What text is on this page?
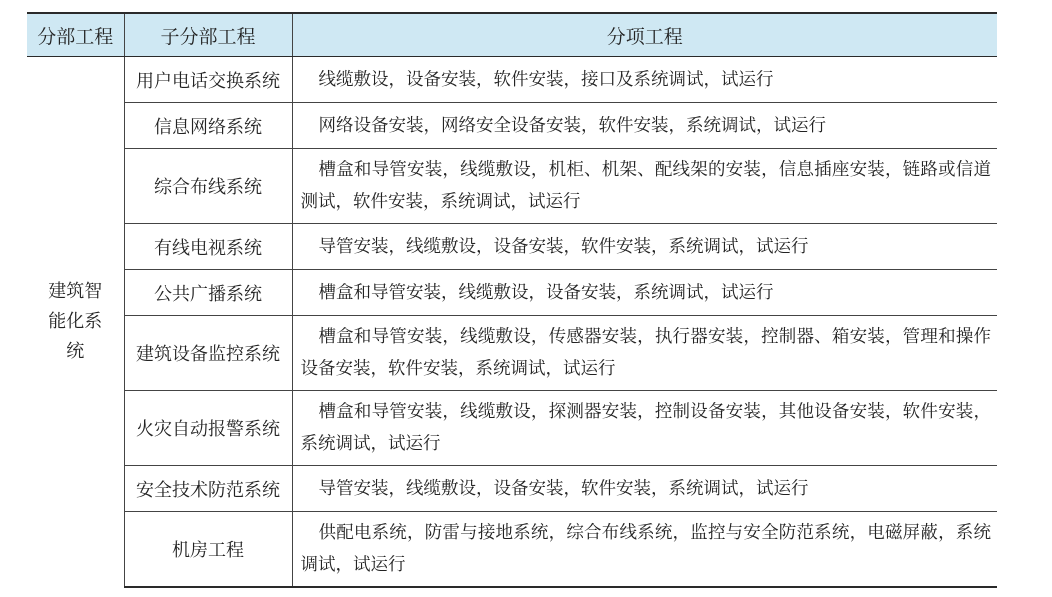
分部工程	子分部工程	分项工程
建筑智能化系统	用户电话交换系统	线缆敷设，设备安装，软件安装，接口及系统调试，试运行
	信息网络系统	网络设备安装，网络安全设备安装，软件安装，系统调试，试运行
	综合布线系统	槽盒和导管安装，线缆敷设，机柜、机架、配线架的安装，信息插座安装，链路或信道测试，软件安装，系统调试，试运行
	有线电视系统	导管安装，线缆敷设，设备安装，软件安装，系统调试，试运行
	公共广播系统	槽盒和导管安装，线缆敷设，设备安装，系统调试，试运行
	建筑设备监控系统	槽盒和导管安装，线缆敷设，传感器安装，执行器安装，控制器、箱安装，管理和操作设备安装，软件安装，系统调试，试运行
	火灾自动报警系统	槽盒和导管安装，线缆敷设，探测器安装，控制设备安装，其他设备安装，软件安装，系统调试，试运行
	安全技术防范系统	导管安装，线缆敷设，设备安装，软件安装，系统调试，试运行
	机房工程	供配电系统，防雷与接地系统，综合布线系统，监控与安全防范系统，电磁屏蔽，系统调试，试运行
